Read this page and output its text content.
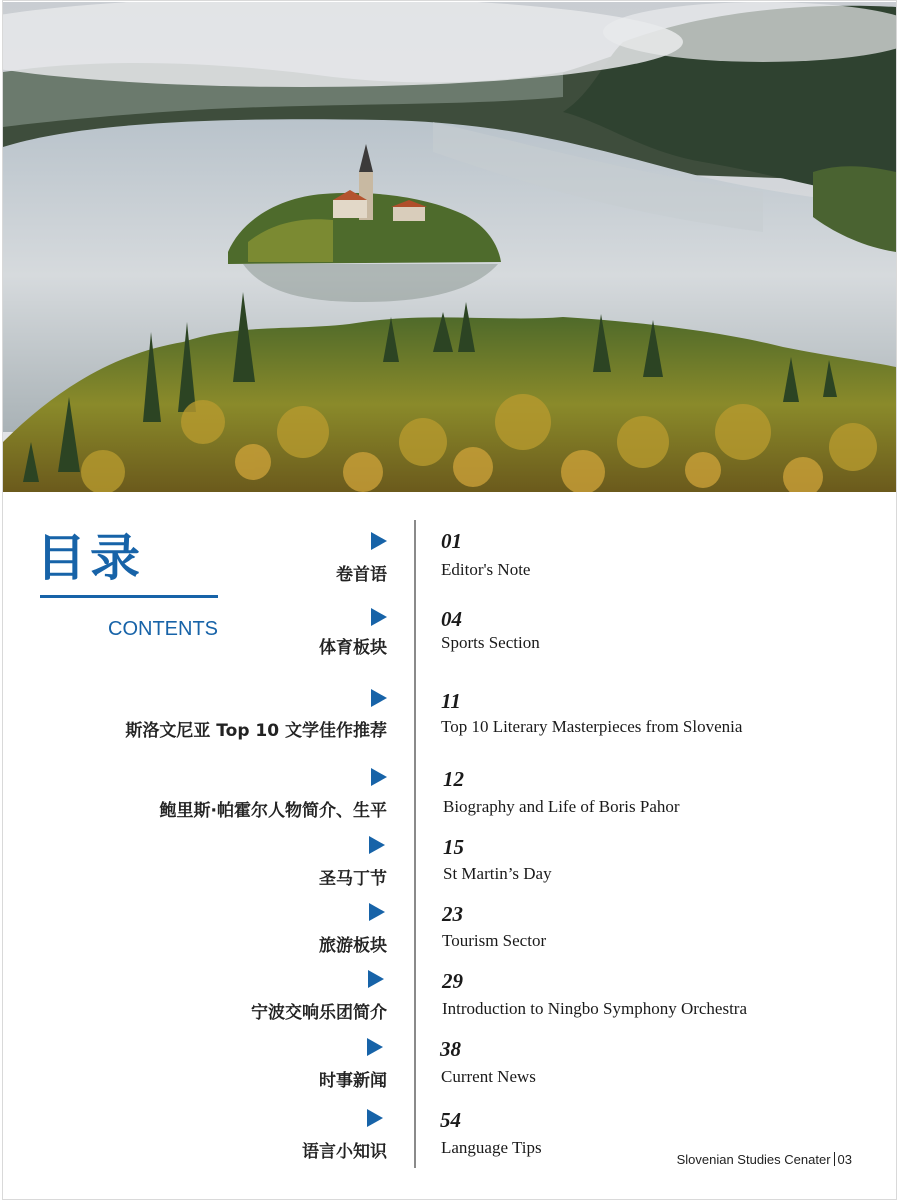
目录
CONTENTS
卷首语
01
Editor's Note
体育板块
04
Sports Section
斯洛文尼亚 Top 10 文学佳作推荐
11
Top 10 Literary Masterpieces from Slovenia
鲍里斯·帕霍尔人物简介、生平
12
Biography and Life of Boris Pahor
圣马丁节
15
St Martin’s Day
旅游板块
23
Tourism Sector
宁波交响乐团简介
29
Introduction to Ningbo Symphony Orchestra
时事新闻
38
Current News
语言小知识
54
Language Tips
Slovenian Studies Cenater 03
